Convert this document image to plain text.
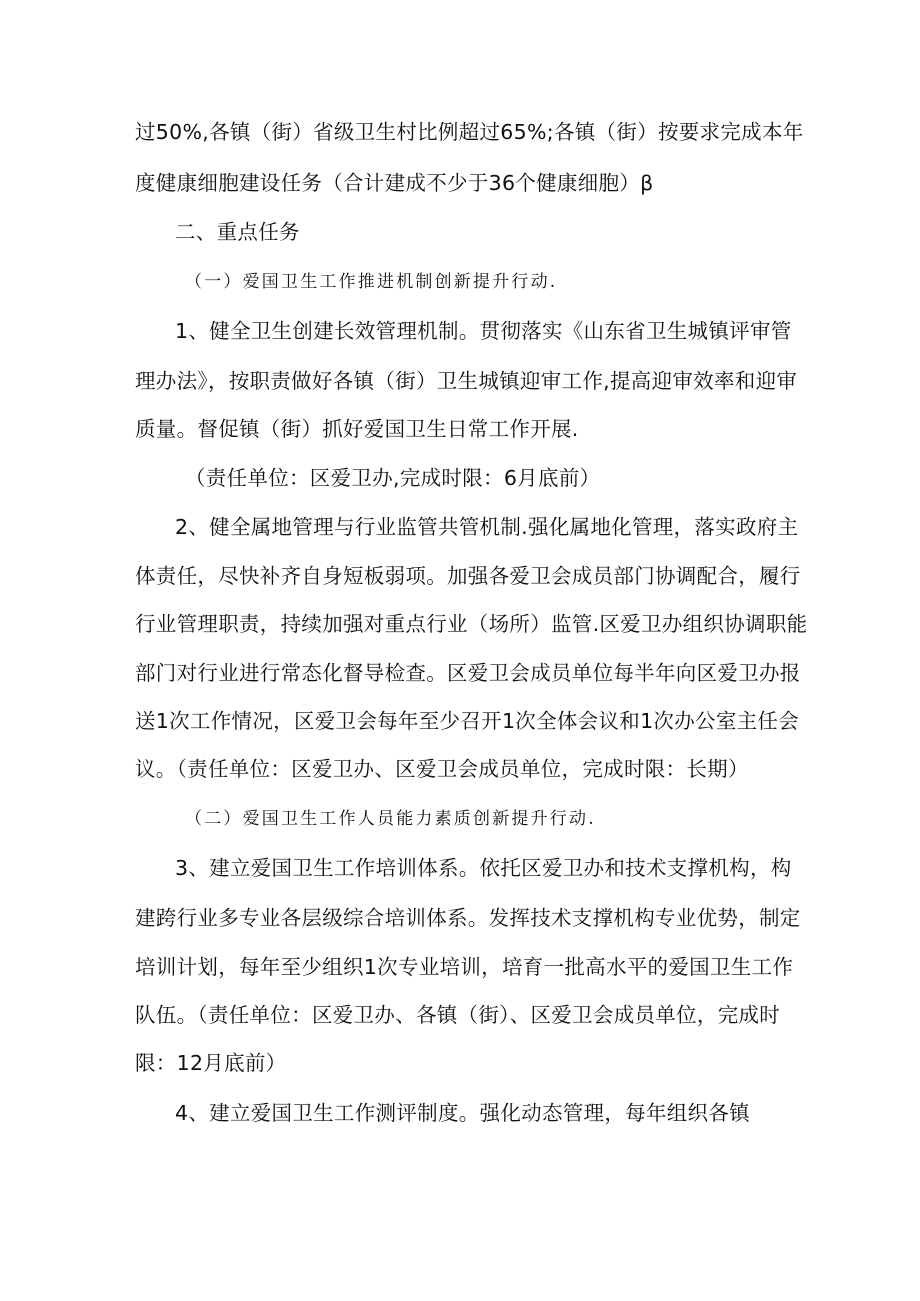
过50%,各镇（街）省级卫生村比例超过65%;各镇（街）按要求完成本年
度健康细胞建设任务（合计建成不少于36个健康细胞）β
二、重点任务
（一）爱国卫生工作推进机制创新提升行动.
1、健全卫生创建长效管理机制。贯彻落实《山东省卫生城镇评审管
理办法》，按职责做好各镇（街）卫生城镇迎审工作,提高迎审效率和迎审
质量。督促镇（街）抓好爱国卫生日常工作开展.
（责任单位：区爱卫办,完成时限：6月底前）
2、健全属地管理与行业监管共管机制.强化属地化管理，落实政府主
体责任，尽快补齐自身短板弱项。加强各爱卫会成员部门协调配合，履行
行业管理职责，持续加强对重点行业（场所）监管.区爱卫办组织协调职能
部门对行业进行常态化督导检查。区爱卫会成员单位每半年向区爱卫办报
送1次工作情况，区爱卫会每年至少召开1次全体会议和1次办公室主任会
议。（责任单位：区爱卫办、区爱卫会成员单位，完成时限：长期）
（二）爱国卫生工作人员能力素质创新提升行动.
3、建立爱国卫生工作培训体系。依托区爱卫办和技术支撑机构，构
建跨行业多专业各层级综合培训体系。发挥技术支撑机构专业优势，制定
培训计划，每年至少组织1次专业培训，培育一批高水平的爱国卫生工作
队伍。（责任单位：区爱卫办、各镇（街）、区爱卫会成员单位，完成时
限：12月底前）
4、建立爱国卫生工作测评制度。强化动态管理，每年组织各镇
